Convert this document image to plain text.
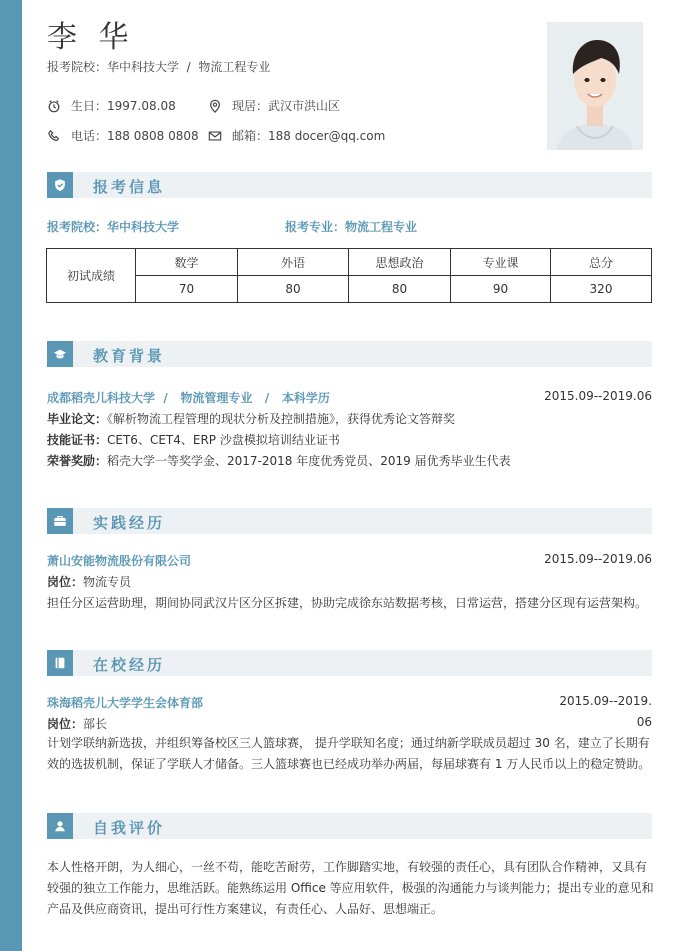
李 华
报考院校：华中科技大学 / 物流工程专业
生日：1997.08.08	现居：武汉市洪山区
电话：188 0808 0808	邮箱：188 docer@qq.com
报考信息
报考院校：华中科技大学	报考专业：物流工程专业
初试成绩	数学	外语	思想政治	专业课	总分
	70	80	80	90	320
教育背景
成都稻壳儿科技大学 / 物流管理专业 / 本科学历	2015.09--2019.06
毕业论文：《解析物流工程管理的现状分析及控制措施》，获得优秀论文答辩奖
技能证书：CET6、CET4、ERP 沙盘模拟培训结业证书
荣誉奖励：稻壳大学一等奖学金、2017-2018 年度优秀党员、2019 届优秀毕业生代表
实践经历
萧山安能物流股份有限公司	2015.09--2019.06
岗位：物流专员
担任分区运营助理，期间协同武汉片区分区拆建，协助完成徐东站数据考核，日常运营，搭建分区现有运营架构。
在校经历
珠海稻壳儿大学学生会体育部	2015.09--2019.
岗位：部长	06
计划学联纳新选拔，并组织筹备校区三人篮球赛， 提升学联知名度；通过纳新学联成员超过 30 名，建立了长期有效的选拔机制，保证了学联人才储备。三人篮球赛也已经成功举办两届，每届球赛有 1 万人民币以上的稳定赞助。
自我评价
本人性格开朗，为人细心，一丝不苟，能吃苦耐劳，工作脚踏实地，有较强的责任心，具有团队合作精神，又具有较强的独立工作能力，思维活跃。能熟练运用 Office 等应用软件，极强的沟通能力与谈判能力；提出专业的意见和产品及供应商资讯，提出可行性方案建议，有责任心、人品好、思想端正。
